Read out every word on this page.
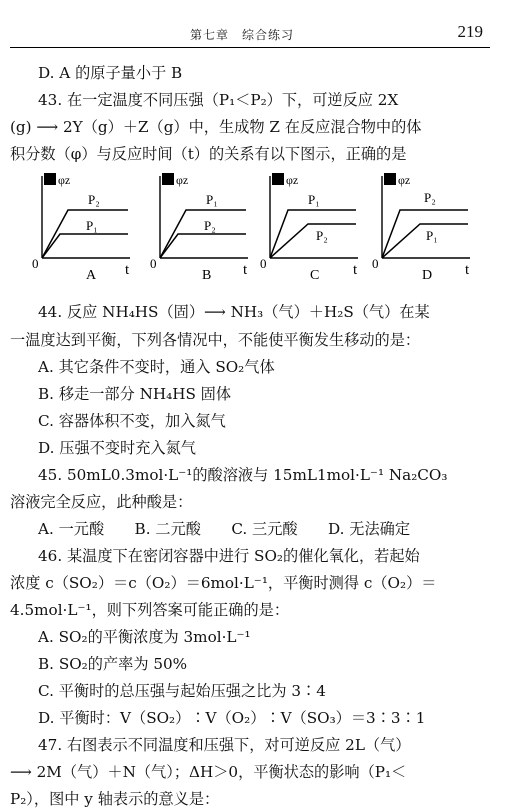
第七章　综合练习	219
D. A 的原子量小于 B
43. 在一定温度不同压强（P₁＜P₂）下，可逆反应 2X
(g) ⟶ 2Y（g）＋Z（g）中，生成物 Z 在反应混合物中的体
积分数（φ）与反应时间（t）的关系有以下图示，正确的是
φz
P₂
P₁
0	t
A
φz
P₁
P₂
0	t
B
φz
P₁
P₂
0	t
C
φz
P₂
P₁
0	t
D
44. 反应 NH₄HS（固）⟶ NH₃（气）＋H₂S（气）在某
一温度达到平衡，下列各情况中，不能使平衡发生移动的是：
A. 其它条件不变时，通入 SO₂气体
B. 移走一部分 NH₄HS 固体
C. 容器体积不变，加入氮气
D. 压强不变时充入氮气
45. 50mL0.3mol·L⁻¹的酸溶液与 15mL1mol·L⁻¹ Na₂CO₃
溶液完全反应，此种酸是：
A. 一元酸　　B. 二元酸　　C. 三元酸　　D. 无法确定
46. 某温度下在密闭容器中进行 SO₂的催化氧化，若起始
浓度 c（SO₂）＝c（O₂）＝6mol·L⁻¹，平衡时测得 c（O₂）＝
4.5mol·L⁻¹，则下列答案可能正确的是：
A. SO₂的平衡浓度为 3mol·L⁻¹
B. SO₂的产率为 50%
C. 平衡时的总压强与起始压强之比为 3∶4
D. 平衡时：V（SO₂）∶V（O₂）∶V（SO₃）＝3∶3∶1
47. 右图表示不同温度和压强下，对可逆反应 2L（气）
⟶ 2M（气）＋N（气）；ΔH＞0，平衡状态的影响（P₁＜
P₂），图中 y 轴表示的意义是：
